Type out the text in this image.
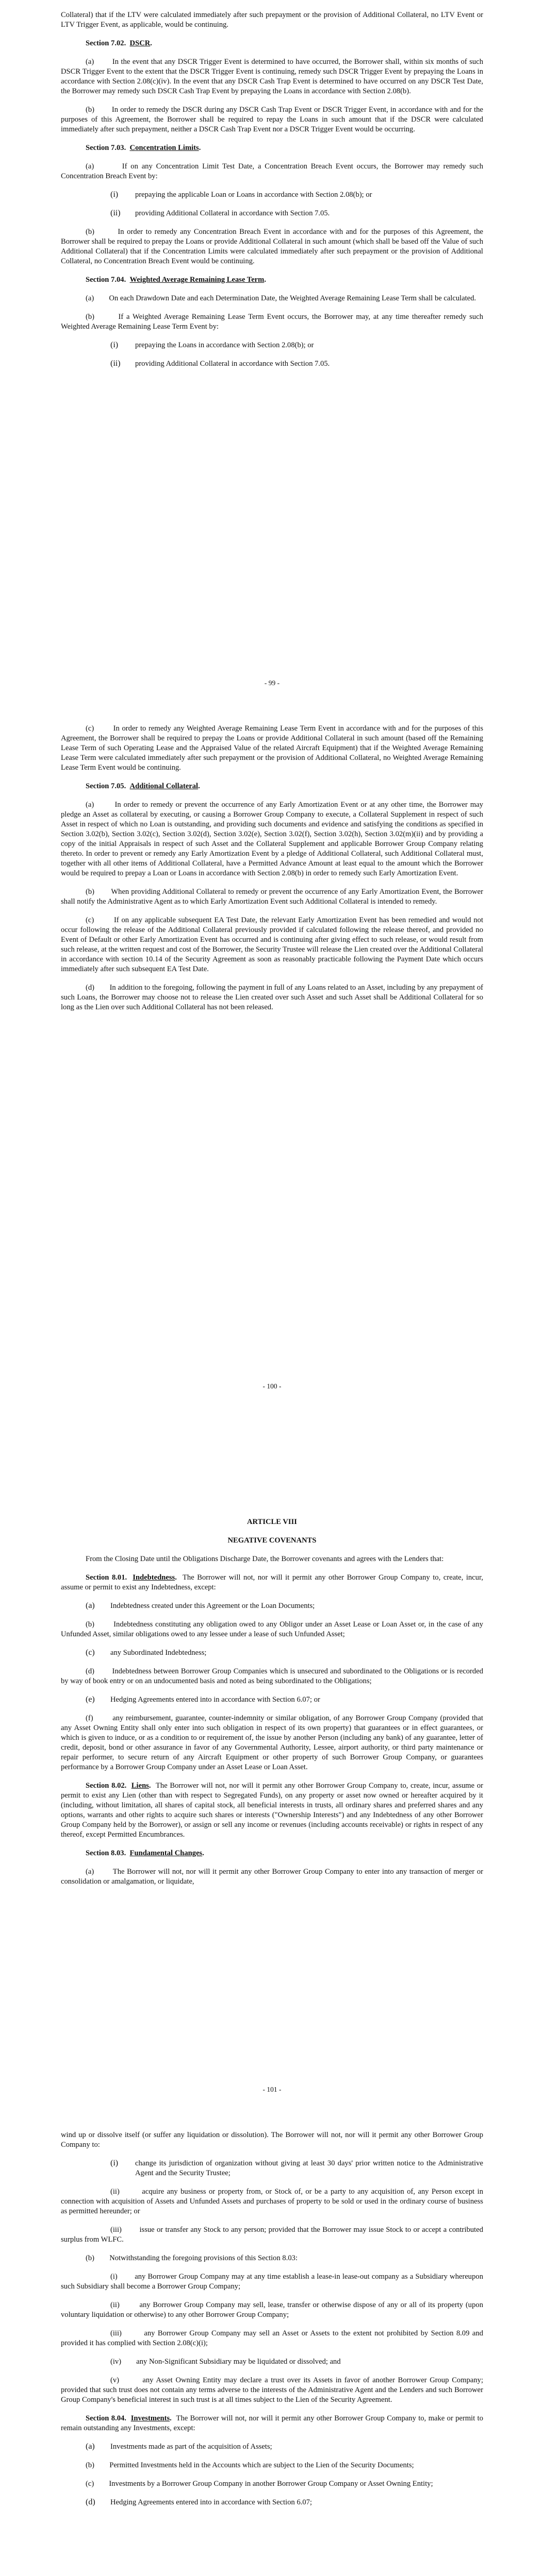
Collateral) that if the LTV were calculated immediately after such prepayment or the provision of Additional Collateral, no LTV Event or LTV Trigger Event, as applicable, would be continuing.

Section 7.02. DSCR.

(a)        In the event that any DSCR Trigger Event is determined to have occurred, the Borrower shall, within six months of such DSCR Trigger Event to the extent that the DSCR Trigger Event is continuing, remedy such DSCR Trigger Event by prepaying the Loans in accordance with Section 2.08(c)(iv). In the event that any DSCR Cash Trap Event is determined to have occurred on any DSCR Test Date, the Borrower may remedy such DSCR Cash Trap Event by prepaying the Loans in accordance with Section 2.08(b).

(b)        In order to remedy the DSCR during any DSCR Cash Trap Event or DSCR Trigger Event, in accordance with and for the purposes of this Agreement, the Borrower shall be required to repay the Loans in such amount that if the DSCR were calculated immediately after such prepayment, neither a DSCR Cash Trap Event nor a DSCR Trigger Event would be occurring.

Section 7.03. Concentration Limits.

(a)        If on any Concentration Limit Test Date, a Concentration Breach Event occurs, the Borrower may remedy such Concentration Breach Event by:

(i)	prepaying the applicable Loan or Loans in accordance with Section 2.08(b); or

(ii)	providing Additional Collateral in accordance with Section 7.05.

(b)        In order to remedy any Concentration Breach Event in accordance with and for the purposes of this Agreement, the Borrower shall be required to prepay the Loans or provide Additional Collateral in such amount (which shall be based off the Value of such Additional Collateral) that if the Concentration Limits were calculated immediately after such prepayment or the provision of Additional Collateral, no Concentration Breach Event would be continuing.

Section 7.04. Weighted Average Remaining Lease Term.

(a)        On each Drawdown Date and each Determination Date, the Weighted Average Remaining Lease Term shall be calculated.

(b)        If a Weighted Average Remaining Lease Term Event occurs, the Borrower may, at any time thereafter remedy such Weighted Average Remaining Lease Term Event by:

(i)	prepaying the Loans in accordance with Section 2.08(b); or

(ii)	providing Additional Collateral in accordance with Section 7.05.

- 99 -

(c)        In order to remedy any Weighted Average Remaining Lease Term Event in accordance with and for the purposes of this Agreement, the Borrower shall be required to prepay the Loans or provide Additional Collateral in such amount (based off the Remaining Lease Term of such Operating Lease and the Appraised Value of the related Aircraft Equipment) that if the Weighted Average Remaining Lease Term were calculated immediately after such prepayment or the provision of Additional Collateral, no Weighted Average Remaining Lease Term Event would be continuing.

Section 7.05. Additional Collateral.

(a)        In order to remedy or prevent the occurrence of any Early Amortization Event or at any other time, the Borrower may pledge an Asset as collateral by executing, or causing a Borrower Group Company to execute, a Collateral Supplement in respect of such Asset in respect of which no Loan is outstanding, and providing such documents and evidence and satisfying the conditions as specified in Section 3.02(b), Section 3.02(c), Section 3.02(d), Section 3.02(e), Section 3.02(f), Section 3.02(h), Section 3.02(m)(ii) and by providing a copy of the initial Appraisals in respect of such Asset and the Collateral Supplement and applicable Borrower Group Company relating thereto. In order to prevent or remedy any Early Amortization Event by a pledge of Additional Collateral, such Additional Collateral must, together with all other items of Additional Collateral, have a Permitted Advance Amount at least equal to the amount which the Borrower would be required to prepay a Loan or Loans in accordance with Section 2.08(b) in order to remedy such Early Amortization Event.

(b)        When providing Additional Collateral to remedy or prevent the occurrence of any Early Amortization Event, the Borrower shall notify the Administrative Agent as to which Early Amortization Event such Additional Collateral is intended to remedy.

(c)        If on any applicable subsequent EA Test Date, the relevant Early Amortization Event has been remedied and would not occur following the release of the Additional Collateral previously provided if calculated following the release thereof, and provided no Event of Default or other Early Amortization Event has occurred and is continuing after giving effect to such release, or would result from such release, at the written request and cost of the Borrower, the Security Trustee will release the Lien created over the Additional Collateral in accordance with section 10.14 of the Security Agreement as soon as reasonably practicable following the Payment Date which occurs immediately after such subsequent EA Test Date.

(d)        In addition to the foregoing, following the payment in full of any Loans related to an Asset, including by any prepayment of such Loans, the Borrower may choose not to release the Lien created over such Asset and such Asset shall be Additional Collateral for so long as the Lien over such Additional Collateral has not been released.

- 100 -

ARTICLE VIII

NEGATIVE COVENANTS

From the Closing Date until the Obligations Discharge Date, the Borrower covenants and agrees with the Lenders that:

Section 8.01. Indebtedness. The Borrower will not, nor will it permit any other Borrower Group Company to, create, incur, assume or permit to exist any Indebtedness, except:

(a)	Indebtedness created under this Agreement or the Loan Documents;

(b)        Indebtedness constituting any obligation owed to any Obligor under an Asset Lease or Loan Asset or, in the case of any Unfunded Asset, similar obligations owed to any lessee under a lease of such Unfunded Asset;

(c)	any Subordinated Indebtedness;

(d)        Indebtedness between Borrower Group Companies which is unsecured and subordinated to the Obligations or is recorded by way of book entry or on an undocumented basis and noted as being subordinated to the Obligations;

(e)	Hedging Agreements entered into in accordance with Section 6.07; or

(f)        any reimbursement, guarantee, counter-indemnity or similar obligation, of any Borrower Group Company (provided that any Asset Owning Entity shall only enter into such obligation in respect of its own property) that guarantees or in effect guarantees, or which is given to induce, or as a condition to or requirement of, the issue by another Person (including any bank) of any guarantee, letter of credit, deposit, bond or other assurance in favor of any Governmental Authority, Lessee, airport authority, or third party maintenance or repair performer, to secure return of any Aircraft Equipment or other property of such Borrower Group Company, or guarantees performance by a Borrower Group Company under an Asset Lease or Loan Asset.

Section 8.02. Liens. The Borrower will not, nor will it permit any other Borrower Group Company to, create, incur, assume or permit to exist any Lien (other than with respect to Segregated Funds), on any property or asset now owned or hereafter acquired by it (including, without limitation, all shares of capital stock, all beneficial interests in trusts, all ordinary shares and preferred shares and any options, warrants and other rights to acquire such shares or interests ("Ownership Interests") and any Indebtedness of any other Borrower Group Company held by the Borrower), or assign or sell any income or revenues (including accounts receivable) or rights in respect of any thereof, except Permitted Encumbrances.

Section 8.03. Fundamental Changes.

(a)        The Borrower will not, nor will it permit any other Borrower Group Company to enter into any transaction of merger or consolidation or amalgamation, or liquidate,

- 101 -

wind up or dissolve itself (or suffer any liquidation or dissolution). The Borrower will not, nor will it permit any other Borrower Group Company to:

(i)	change its jurisdiction of organization without giving at least 30 days' prior written notice to the Administrative Agent and the Security Trustee;

(ii)        acquire any business or property from, or Stock of, or be a party to any acquisition of, any Person except in connection with acquisition of Assets and Unfunded Assets and purchases of property to be sold or used in the ordinary course of business as permitted hereunder; or

(iii)        issue or transfer any Stock to any person; provided that the Borrower may issue Stock to or accept a contributed surplus from WLFC.

(b)        Notwithstanding the foregoing provisions of this Section 8.03:

(i)        any Borrower Group Company may at any time establish a lease-in lease-out company as a Subsidiary whereupon such Subsidiary shall become a Borrower Group Company;

(ii)        any Borrower Group Company may sell, lease, transfer or otherwise dispose of any or all of its property (upon voluntary liquidation or otherwise) to any other Borrower Group Company;

(iii)        any Borrower Group Company may sell an Asset or Assets to the extent not prohibited by Section 8.09 and provided it has complied with Section 2.08(c)(i);

(iv)        any Non-Significant Subsidiary may be liquidated or dissolved; and

(v)        any Asset Owning Entity may declare a trust over its Assets in favor of another Borrower Group Company; provided that such trust does not contain any terms adverse to the interests of the Administrative Agent and the Lenders and such Borrower Group Company's beneficial interest in such trust is at all times subject to the Lien of the Security Agreement.

Section 8.04. Investments. The Borrower will not, nor will it permit any other Borrower Group Company to, make or permit to remain outstanding any Investments, except:

(a)	Investments made as part of the acquisition of Assets;

(b)        Permitted Investments held in the Accounts which are subject to the Lien of the Security Documents;

(c)        Investments by a Borrower Group Company in another Borrower Group Company or Asset Owning Entity;

(d)	Hedging Agreements entered into in accordance with Section 6.07;
